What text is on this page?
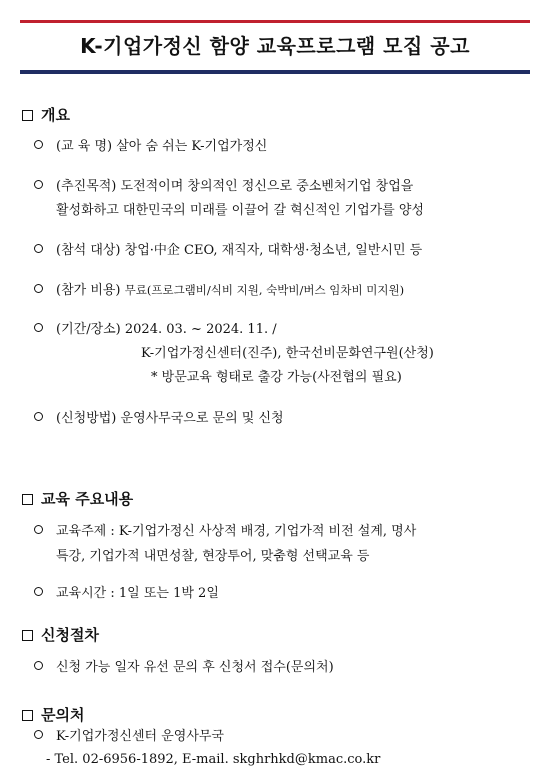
K-기업가정신 함양 교육프로그램 모집 공고
개요
(교 육 명) 살아 숨 쉬는 K-기업가정신
(추진목적) 도전적이며 창의적인 정신으로 중소벤처기업 창업을
활성화하고 대한민국의 미래를 이끌어 갈 혁신적인 기업가를 양성
(참석 대상) 창업·中企 CEO, 재직자, 대학생·청소년, 일반시민 등
(참가 비용) 무료(프로그램비/식비 지원, 숙박비/버스 임차비 미지원)
(기간/장소) 2024. 03. ~ 2024. 11. /
K-기업가정신센터(진주), 한국선비문화연구원(산청)
* 방문교육 형태로 출강 가능(사전협의 필요)
(신청방법) 운영사무국으로 문의 및 신청
교육 주요내용
교육주제 : K-기업가정신 사상적 배경, 기업가적 비전 설계, 명사
특강, 기업가적 내면성찰, 현장투어, 맞춤형 선택교육 등
교육시간 : 1일 또는 1박 2일
신청절차
신청 가능 일자 유선 문의 후 신청서 접수(문의처)
문의처
K-기업가정신센터 운영사무국
- Tel. 02-6956-1892, E-mail. skghrhkd@kmac.co.kr
